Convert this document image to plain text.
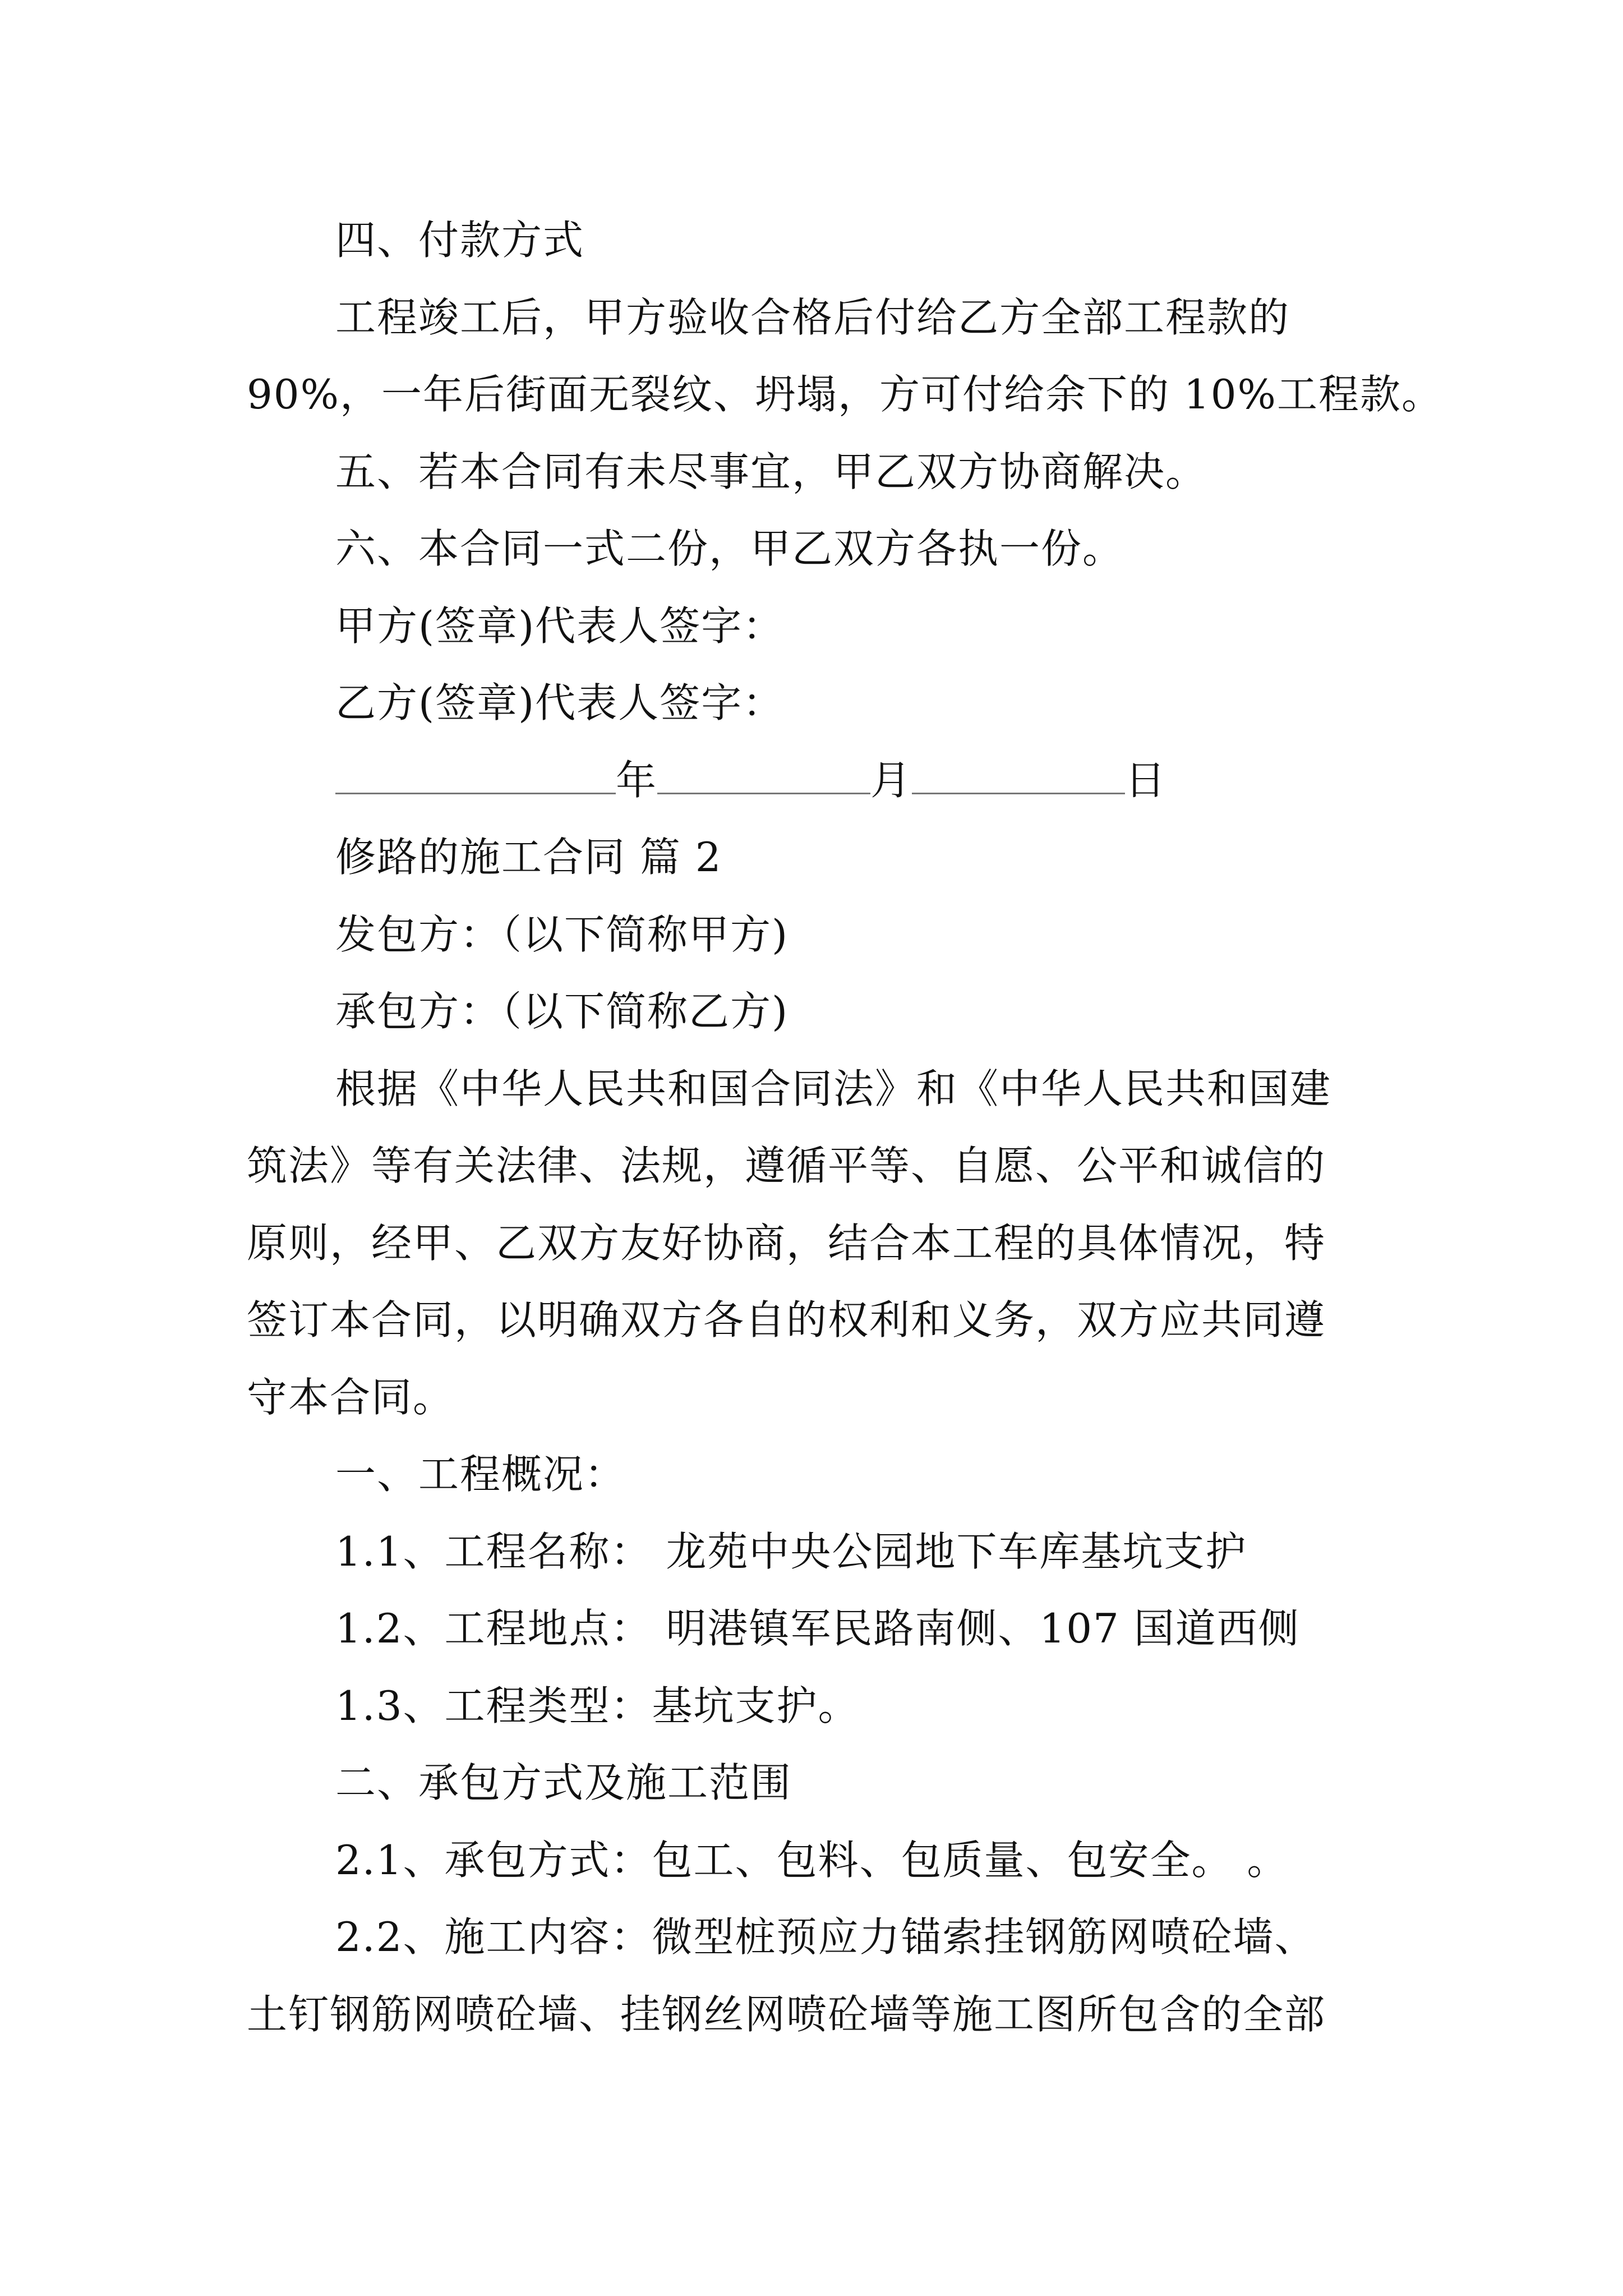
四、付款方式
工程竣工后，甲方验收合格后付给乙方全部工程款的
90%，一年后街面无裂纹、坍塌，方可付给余下的 10%工程款。
五、若本合同有未尽事宜，甲乙双方协商解决。
六、本合同一式二份，甲乙双方各执一份。
甲方(签章)代表人签字：
乙方(签章)代表人签字：
年	月	日
修路的施工合同 篇 2
发包方：（以下简称甲方)
承包方：（以下简称乙方)
根据《中华人民共和国合同法》和《中华人民共和国建
筑法》等有关法律、法规，遵循平等、自愿、公平和诚信的
原则，经甲、乙双方友好协商，结合本工程的具体情况，特
签订本合同，以明确双方各自的权利和义务，双方应共同遵
守本合同。
一、工程概况：
1.1、工程名称： 龙苑中央公园地下车库基坑支护
1.2、工程地点： 明港镇军民路南侧、107 国道西侧
1.3、工程类型：基坑支护。
二、承包方式及施工范围
2.1、承包方式：包工、包料、包质量、包安全。 。
2.2、施工内容：微型桩预应力锚索挂钢筋网喷砼墙、
土钉钢筋网喷砼墙、挂钢丝网喷砼墙等施工图所包含的全部
